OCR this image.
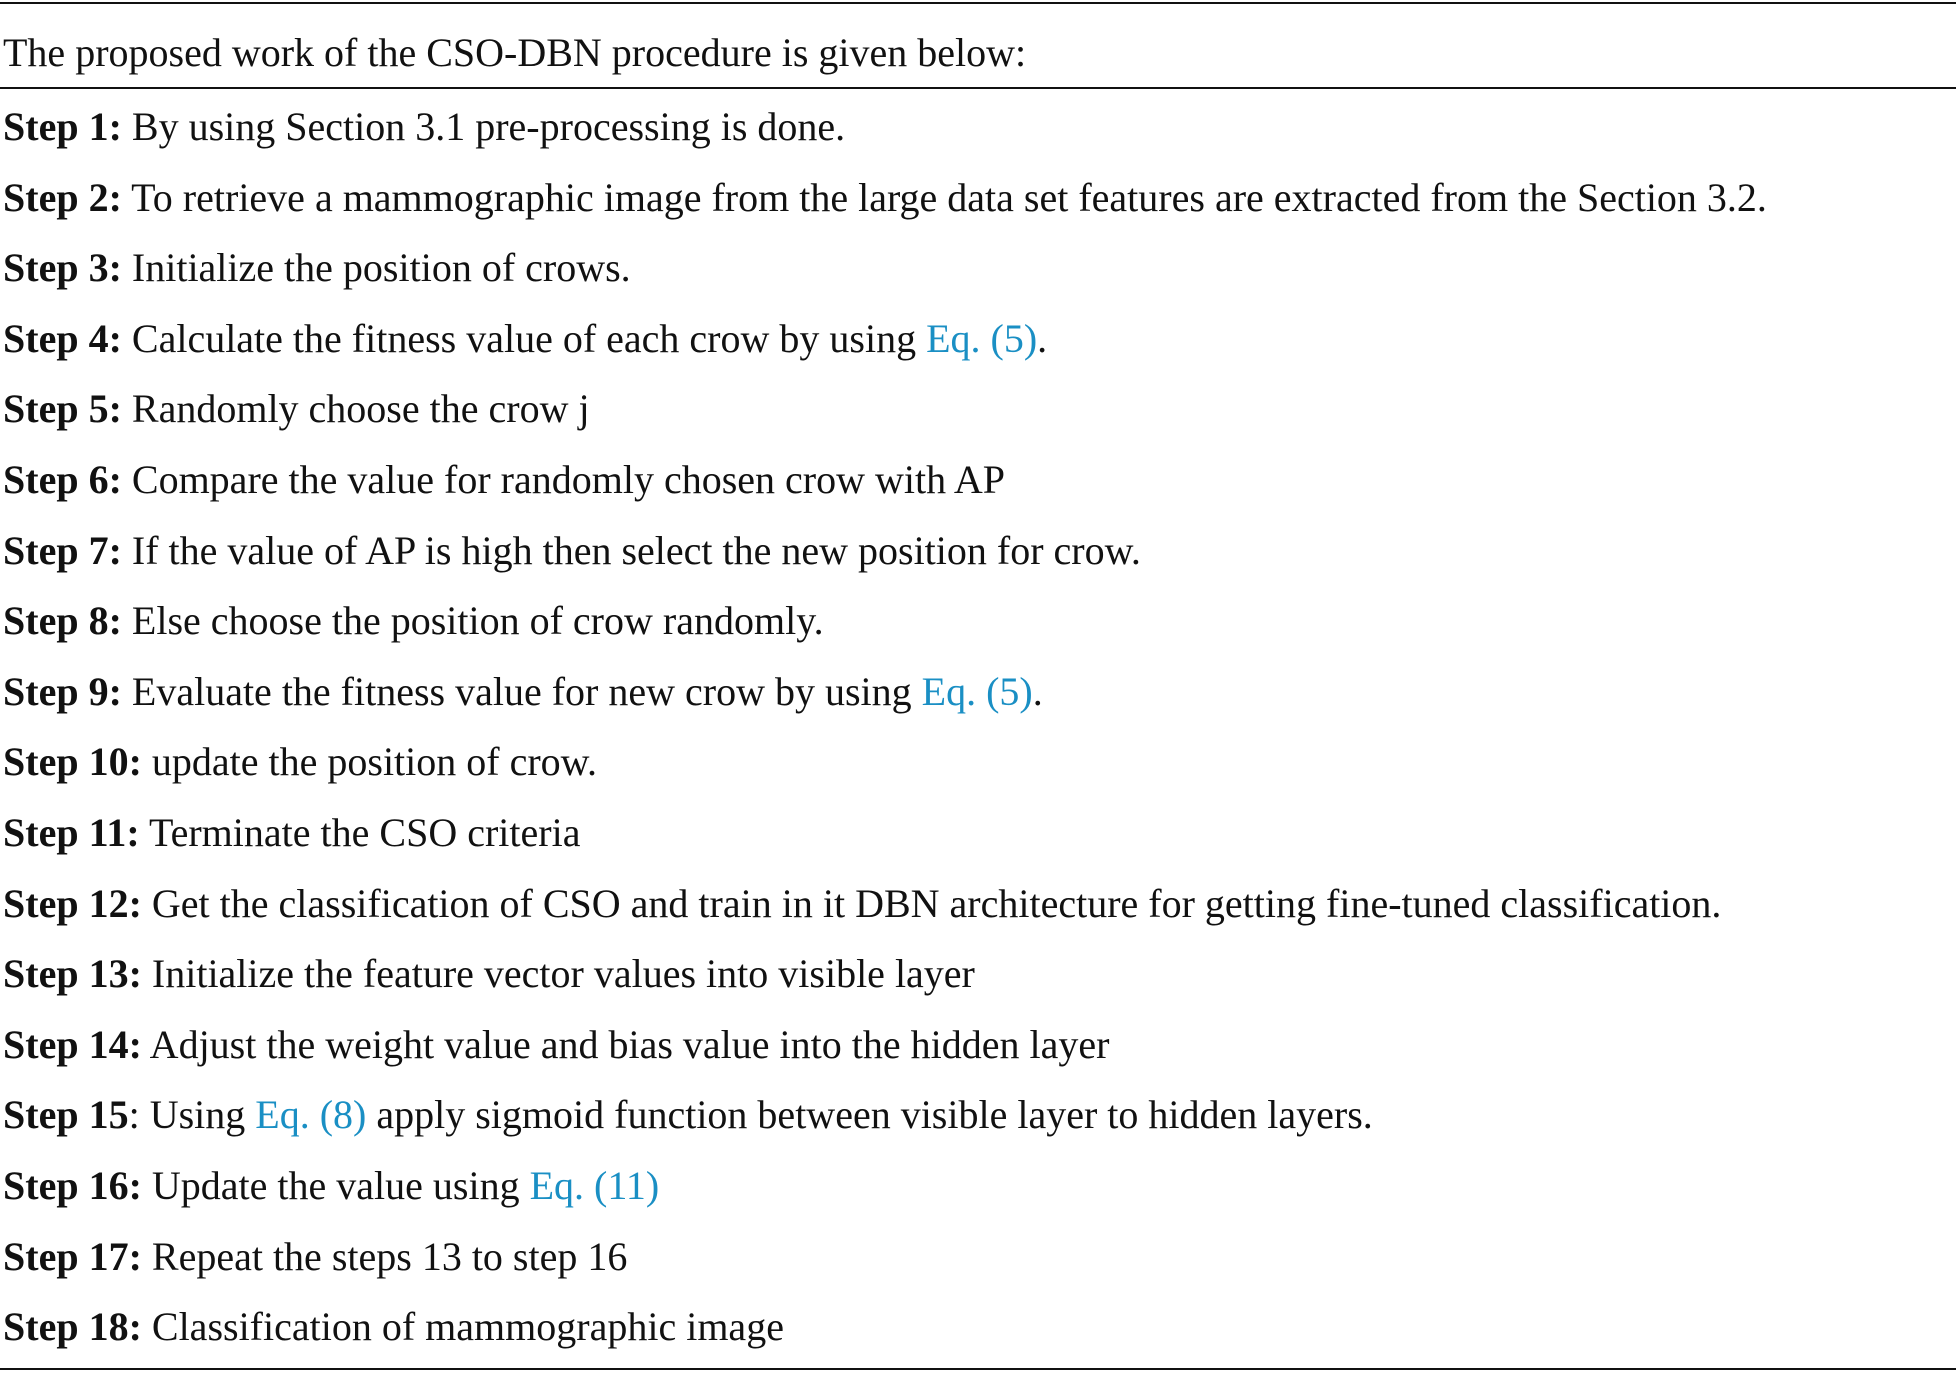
The proposed work of the CSO-DBN procedure is given below:
Step 1: By using Section 3.1 pre-processing is done.
Step 2: To retrieve a mammographic image from the large data set features are extracted from the Section 3.2.
Step 3: Initialize the position of crows.
Step 4: Calculate the fitness value of each crow by using Eq. (5).
Step 5: Randomly choose the crow j
Step 6: Compare the value for randomly chosen crow with AP
Step 7: If the value of AP is high then select the new position for crow.
Step 8: Else choose the position of crow randomly.
Step 9: Evaluate the fitness value for new crow by using Eq. (5).
Step 10: update the position of crow.
Step 11: Terminate the CSO criteria
Step 12: Get the classification of CSO and train in it DBN architecture for getting fine-tuned classification.
Step 13: Initialize the feature vector values into visible layer
Step 14: Adjust the weight value and bias value into the hidden layer
Step 15: Using Eq. (8) apply sigmoid function between visible layer to hidden layers.
Step 16: Update the value using Eq. (11)
Step 17: Repeat the steps 13 to step 16
Step 18: Classification of mammographic image
